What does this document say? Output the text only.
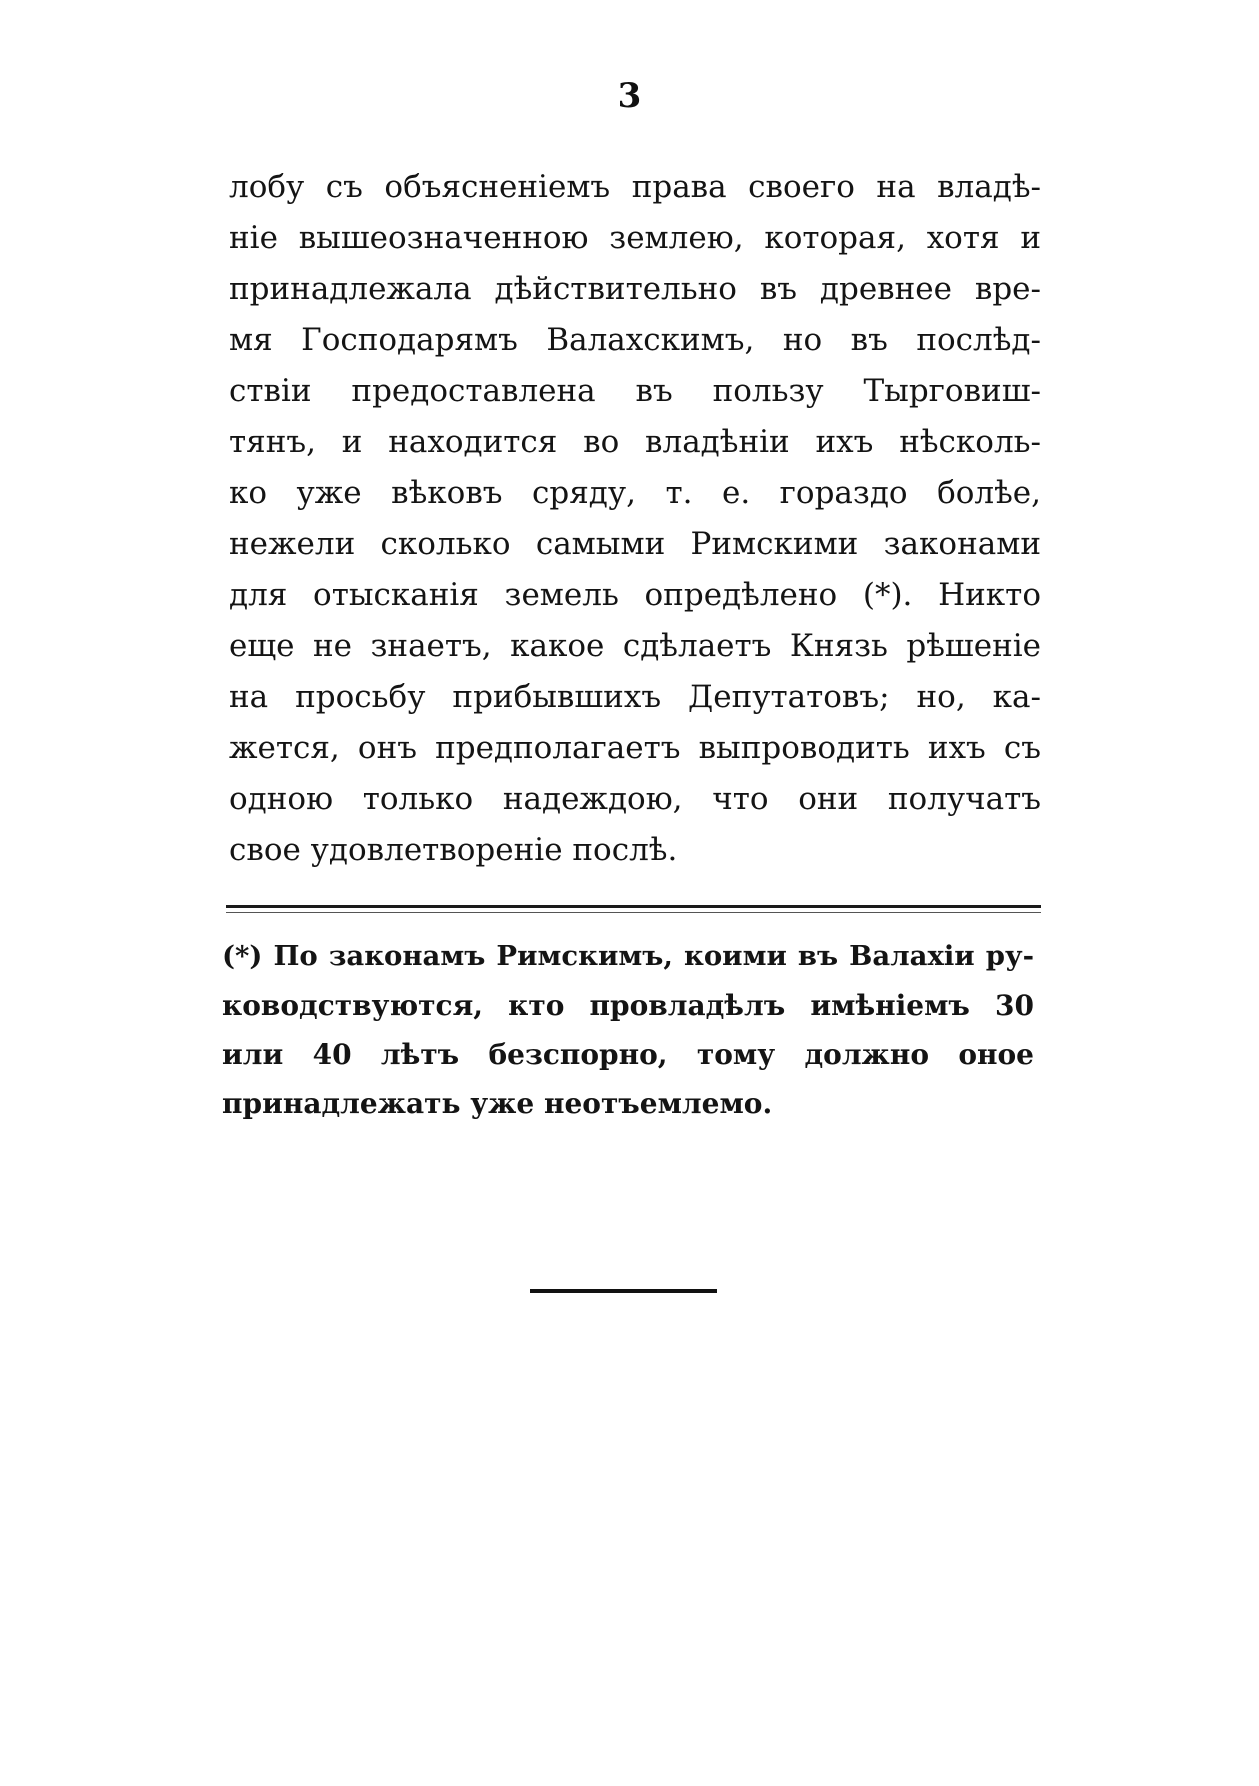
3
лобу съ объясненіемъ права своего на владѣ-
ніе вышеозначенною землею, которая, хотя и
принадлежала дѣйствительно въ древнее вре-
мя Господарямъ Валахскимъ, но въ послѣд-
ствіи предоставлена въ пользу Тырговиш-
тянъ, и находится во владѣніи ихъ нѣсколь-
ко уже вѣковъ сряду, т. е. гораздо болѣе,
нежели сколько самыми Римскими законами
для отысканія земель опредѣлено (*). Никто
еще не знаетъ, какое сдѣлаетъ Князь рѣшеніе
на просьбу прибывшихъ Депутатовъ; но, ка-
жется, онъ предполагаетъ выпроводить ихъ съ
одною только надеждою, что они получатъ
свое удовлетвореніе послѣ.
(*) По законамъ Римскимъ, коими въ Валахіи ру-
ководствуются, кто провладѣлъ имѣніемъ 30
или 40 лѣтъ безспорно, тому должно оное
принадлежать уже неотъемлемо.
